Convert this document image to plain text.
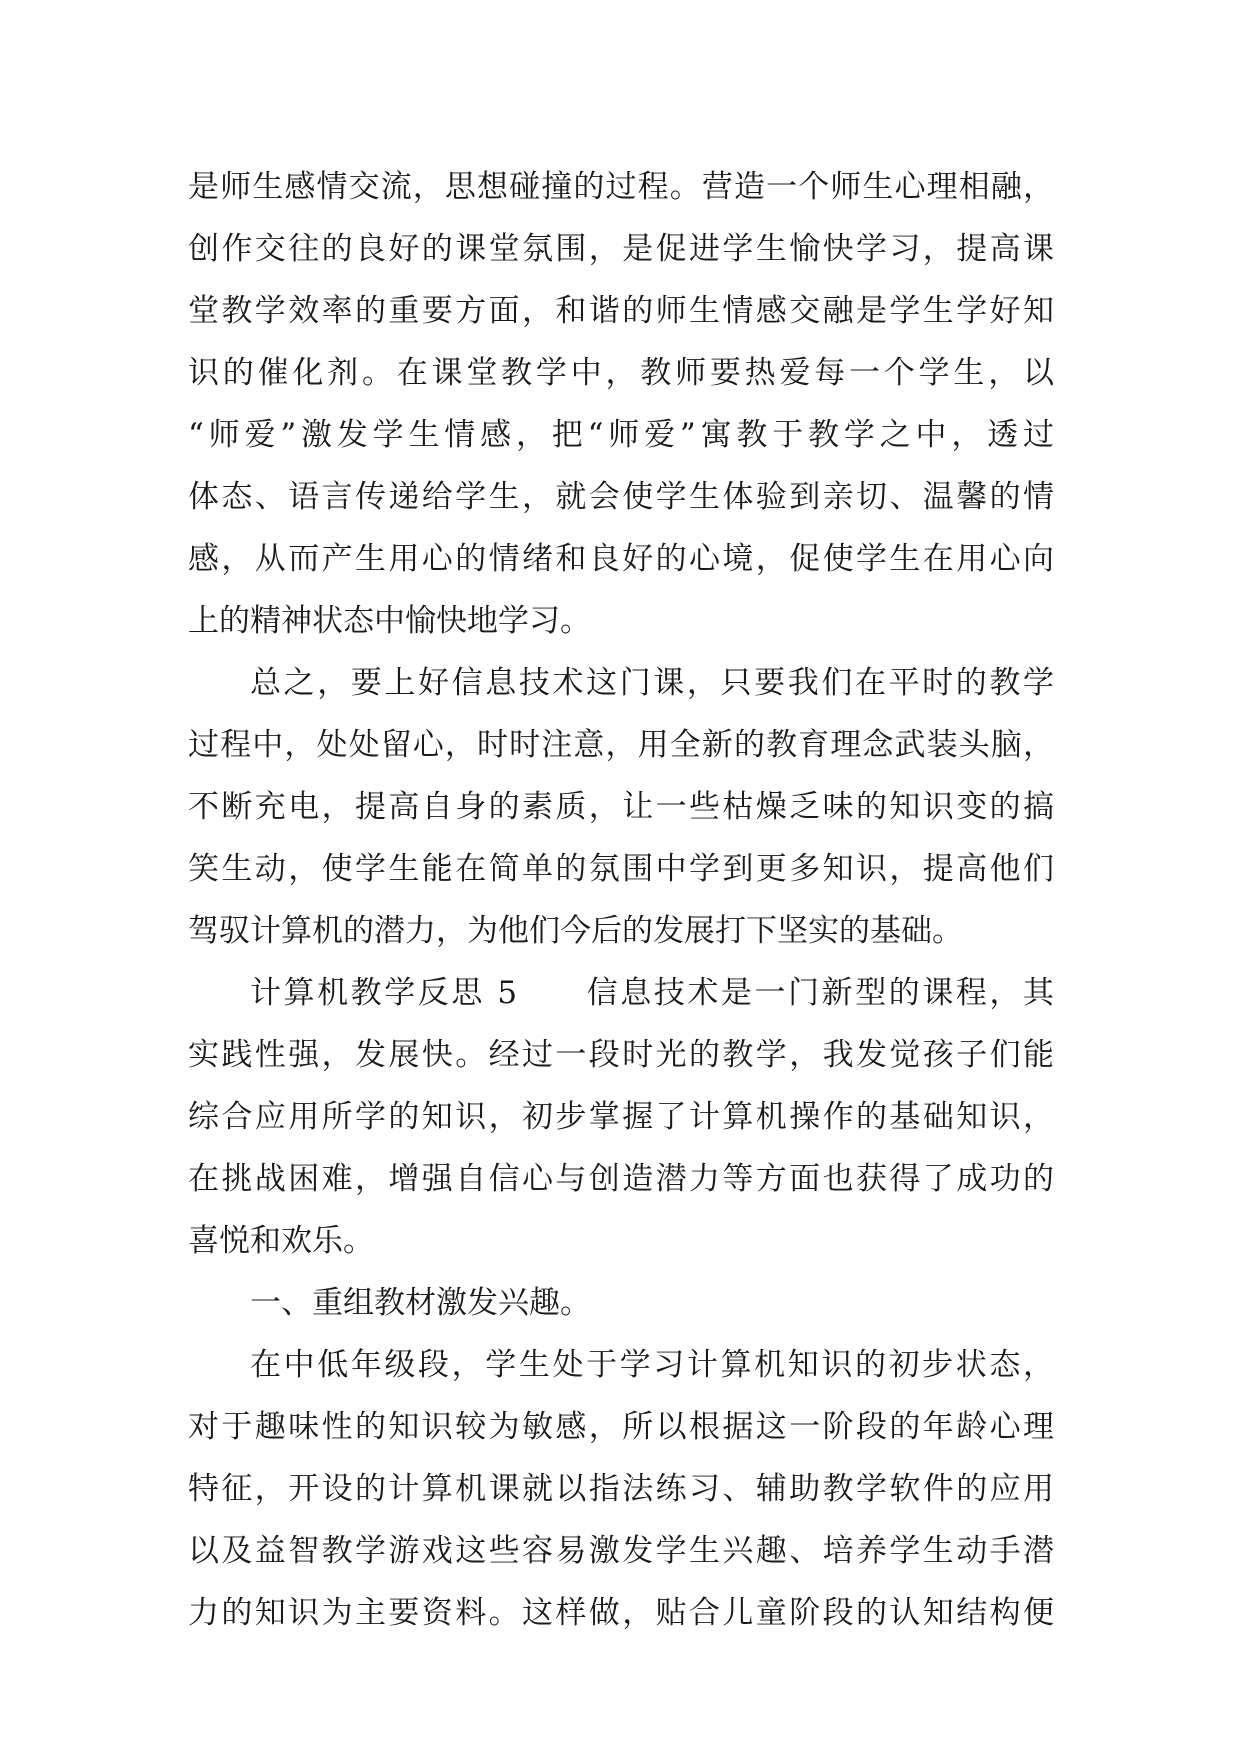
是师生感情交流，思想碰撞的过程。营造一个师生心理相融，
创作交往的良好的课堂氛围，是促进学生愉快学习，提高课
堂教学效率的重要方面，和谐的师生情感交融是学生学好知
识的催化剂。在课堂教学中，教师要热爱每一个学生，以
“师爱”激发学生情感，把“师爱”寓教于教学之中，透过
体态、语言传递给学生，就会使学生体验到亲切、温馨的情
感，从而产生用心的情绪和良好的心境，促使学生在用心向
上的精神状态中愉快地学习。
总之，要上好信息技术这门课，只要我们在平时的教学
过程中，处处留心，时时注意，用全新的教育理念武装头脑，
不断充电，提高自身的素质，让一些枯燥乏味的知识变的搞
笑生动，使学生能在简单的氛围中学到更多知识，提高他们
驾驭计算机的潜力，为他们今后的发展打下坚实的基础。
计算机教学反思 5　　信息技术是一门新型的课程，其
实践性强，发展快。经过一段时光的教学，我发觉孩子们能
综合应用所学的知识，初步掌握了计算机操作的基础知识，
在挑战困难，增强自信心与创造潜力等方面也获得了成功的
喜悦和欢乐。
一、重组教材激发兴趣。
在中低年级段，学生处于学习计算机知识的初步状态，
对于趣味性的知识较为敏感，所以根据这一阶段的年龄心理
特征，开设的计算机课就以指法练习、辅助教学软件的应用
以及益智教学游戏这些容易激发学生兴趣、培养学生动手潜
力的知识为主要资料。这样做，贴合儿童阶段的认知结构便
